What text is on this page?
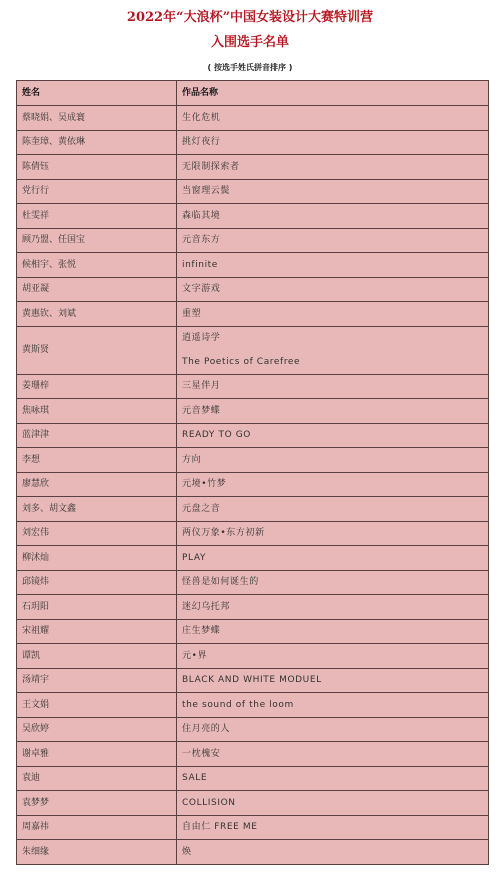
2022年“大浪杯”中国女装设计大赛特训营
入围选手名单
( 按选手姓氏拼音排序 )
姓名	作品名称
蔡晓娟、吴成寰	生化危机

陈奎璋、黄依琳	挑灯夜行

陈倩钰	无限制探索者

党行行	当窗理云鬓

杜雯祥	森临其境

顾乃盟、任国宝	元音东方

候相宇、张悦	infinite

胡亚凝	文字游戏

黄惠钦、刘斌	重塑

黄斯贤	逍遥诗学
The Poetics of Carefree

姜珊梓	三星伴月

焦咏琪	元音梦蝶

蓝津津	READY TO GO

李想	方向

廖慧欣	元境•竹梦

刘多、胡文鑫	元盘之音

刘宏伟	两仪万象•东方初新

柳沭灿	PLAY

邱镜炜	怪兽是如何诞生的

石玥阳	迷幻乌托邦

宋祖耀	庄生梦蝶

谭凯	元•界

汤靖宇	BLACK AND WHITE MODUEL

王文娟	the sound of the loom

吴欣婷	住月亮的人

谢卓雅	一枕槐安

袁迪	SALE

袁梦梦	COLLISION

周嘉祎	自由仁 FREE ME

朱细缘	焕
